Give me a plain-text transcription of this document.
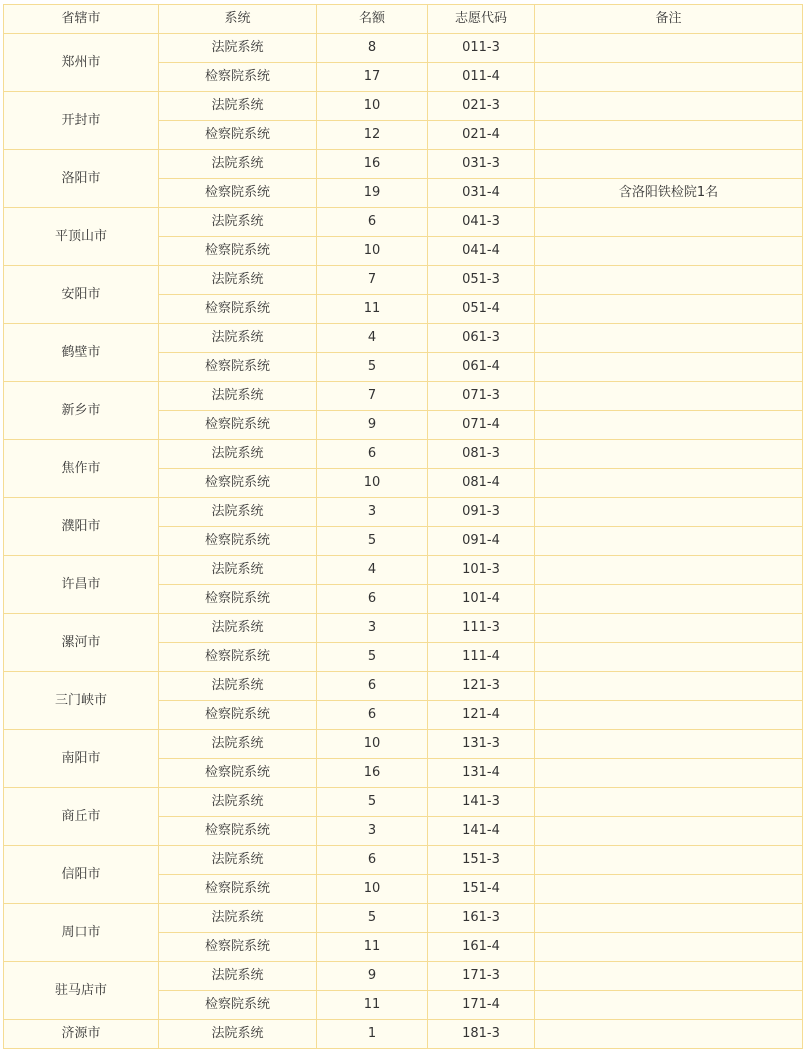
省辖市	系统	名额	志愿代码	备注
郑州市	法院系统	8	011-3	
	检察院系统	17	011-4	
开封市	法院系统	10	021-3	
	检察院系统	12	021-4	
洛阳市	法院系统	16	031-3	
	检察院系统	19	031-4	含洛阳铁检院1名
平顶山市	法院系统	6	041-3	
	检察院系统	10	041-4	
安阳市	法院系统	7	051-3	
	检察院系统	11	051-4	
鹤壁市	法院系统	4	061-3	
	检察院系统	5	061-4	
新乡市	法院系统	7	071-3	
	检察院系统	9	071-4	
焦作市	法院系统	6	081-3	
	检察院系统	10	081-4	
濮阳市	法院系统	3	091-3	
	检察院系统	5	091-4	
许昌市	法院系统	4	101-3	
	检察院系统	6	101-4	
漯河市	法院系统	3	111-3	
	检察院系统	5	111-4	
三门峡市	法院系统	6	121-3	
	检察院系统	6	121-4	
南阳市	法院系统	10	131-3	
	检察院系统	16	131-4	
商丘市	法院系统	5	141-3	
	检察院系统	3	141-4	
信阳市	法院系统	6	151-3	
	检察院系统	10	151-4	
周口市	法院系统	5	161-3	
	检察院系统	11	161-4	
驻马店市	法院系统	9	171-3	
	检察院系统	11	171-4	
济源市	法院系统	1	181-3	
